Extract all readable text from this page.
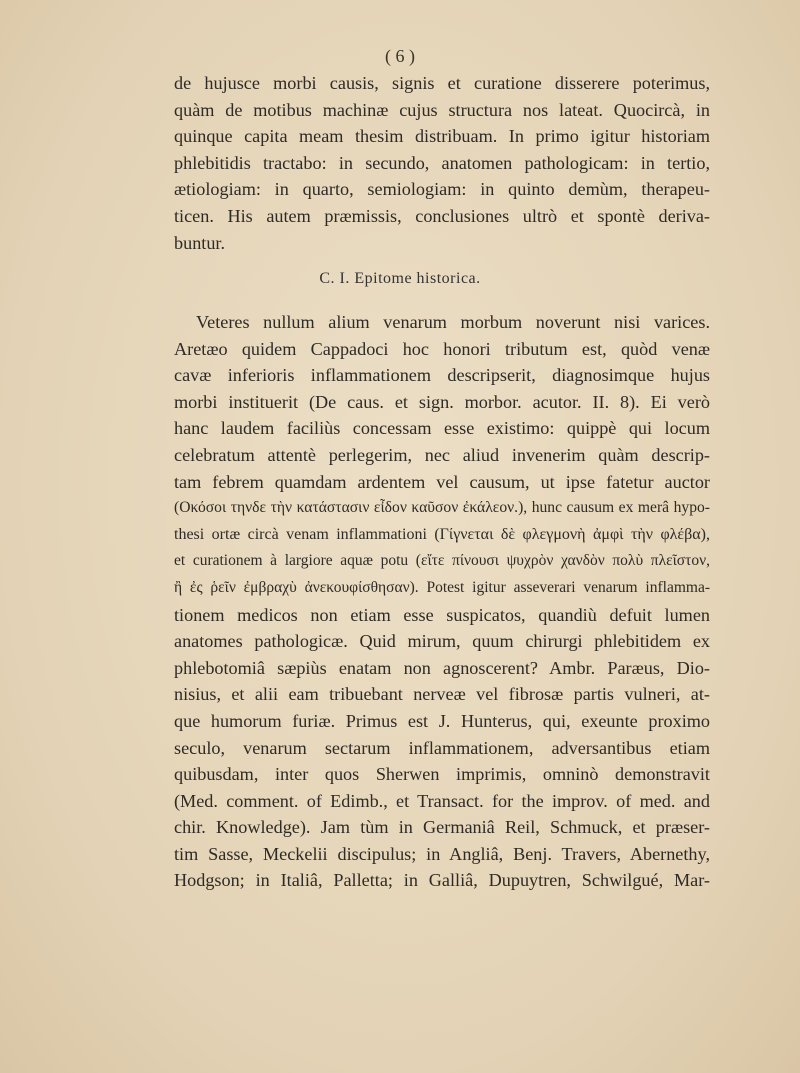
( 6 )
de hujusce morbi causis, signis et curatione disserere poterimus,
quàm de motibus machinæ cujus structura nos lateat. Quocircà, in
quinque capita meam thesim distribuam. In primo igitur historiam
phlebitidis tractabo: in secundo, anatomen pathologicam: in tertio,
ætiologiam: in quarto, semiologiam: in quinto demùm, therapeu-
ticen. His autem præmissis, conclusiones ultrò et spontè deriva-
buntur.
C. I. Epitome historica.
Veteres nullum alium venarum morbum noverunt nisi varices.
Aretæo quidem Cappadoci hoc honori tributum est, quòd venæ
cavæ inferioris inflammationem descripserit, diagnosimque hujus
morbi instituerit (De caus. et sign. morbor. acutor. II. 8). Ei verò
hanc laudem faciliùs concessam esse existimo: quippè qui locum
celebratum attentè perlegerim, nec aliud invenerim quàm descrip-
tam febrem quamdam ardentem vel causum, ut ipse fatetur auctor
(Οκόσοι τηνδε τὴν κατάστασιν εἶδον καῦσον ἐκάλεον.), hunc causum ex merâ hypo-
thesi ortæ circà venam inflammationi (Γίγνεται δὲ φλεγμονὴ ἀμφὶ τὴν φλέβα),
et curationem à largiore aquæ potu (εἴτε πίνουσι ψυχρὸν χανδὸν πολὺ πλεῖστον,
ἢ ἐς ῥεῖν ἐμβραχὺ ἀνεκουφίσθησαν). Potest igitur asseverari venarum inflamma-
tionem medicos non etiam esse suspicatos, quandiù defuit lumen
anatomes pathologicæ. Quid mirum, quum chirurgi phlebitidem ex
phlebotomiâ sæpiùs enatam non agnoscerent? Ambr. Paræus, Dio-
nisius, et alii eam tribuebant nerveæ vel fibrosæ partis vulneri, at-
que humorum furiæ. Primus est J. Hunterus, qui, exeunte proximo
seculo, venarum sectarum inflammationem, adversantibus etiam
quibusdam, inter quos Sherwen imprimis, omninò demonstravit
(Med. comment. of Edimb., et Transact. for the improv. of med. and
chir. Knowledge). Jam tùm in Germaniâ Reil, Schmuck, et præser-
tim Sasse, Meckelii discipulus; in Angliâ, Benj. Travers, Abernethy,
Hodgson; in Italiâ, Palletta; in Galliâ, Dupuytren, Schwilgué, Mar-
